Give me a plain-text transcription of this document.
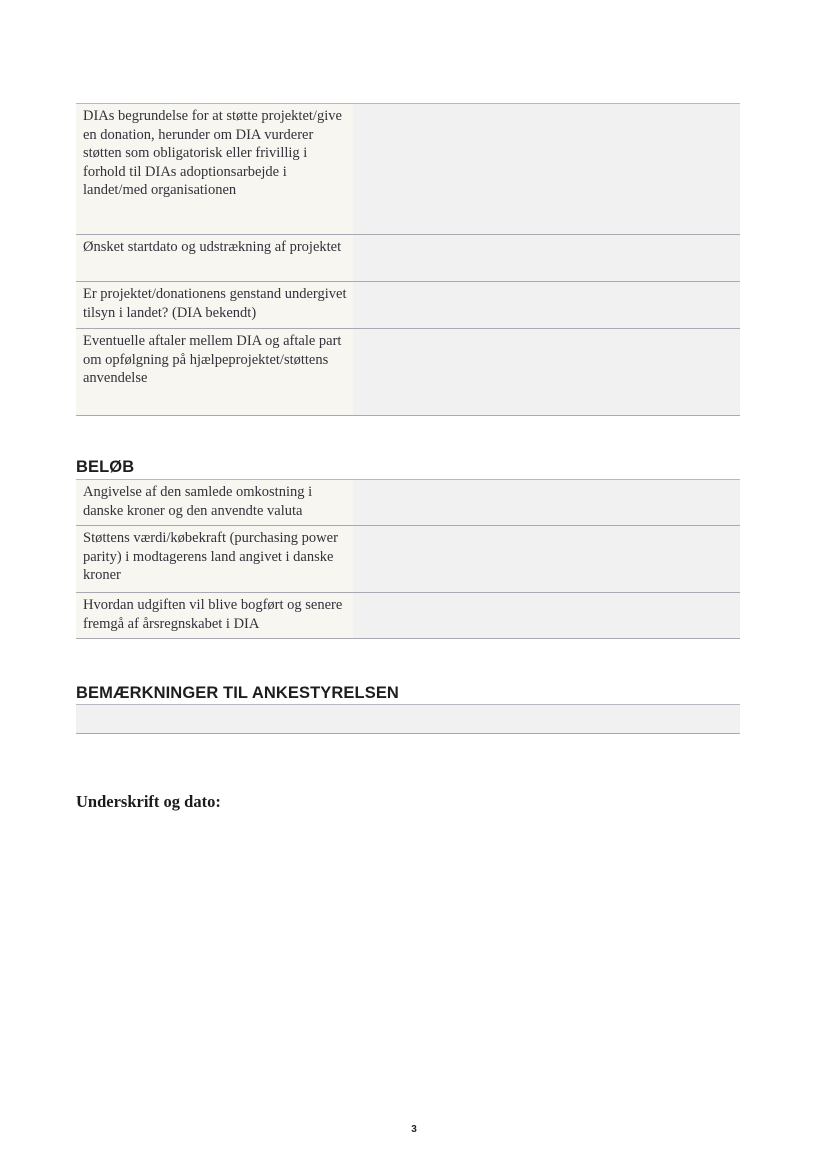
DIAs begrundelse for at støtte projektet/give en donation, herunder om DIA vurderer støtten som obligatorisk eller frivillig i forhold til DIAs adoptionsarbejde i landet/med organisationen	
Ønsket startdato og udstrækning af projektet	
Er projektet/donationens genstand undergivet tilsyn i landet? (DIA bekendt)	
Eventuelle aftaler mellem DIA og aftale part om opfølgning på hjælpeprojektet/støttens anvendelse	
BELØB
Angivelse af den samlede omkostning i danske kroner og den anvendte valuta	
Støttens værdi/købekraft (purchasing power parity) i modtagerens land angivet i danske kroner	
Hvordan udgiften vil blive bogført og senere fremgå af årsregnskabet i DIA	
BEMÆRKNINGER TIL ANKESTYRELSEN

Underskrift og dato:

3
